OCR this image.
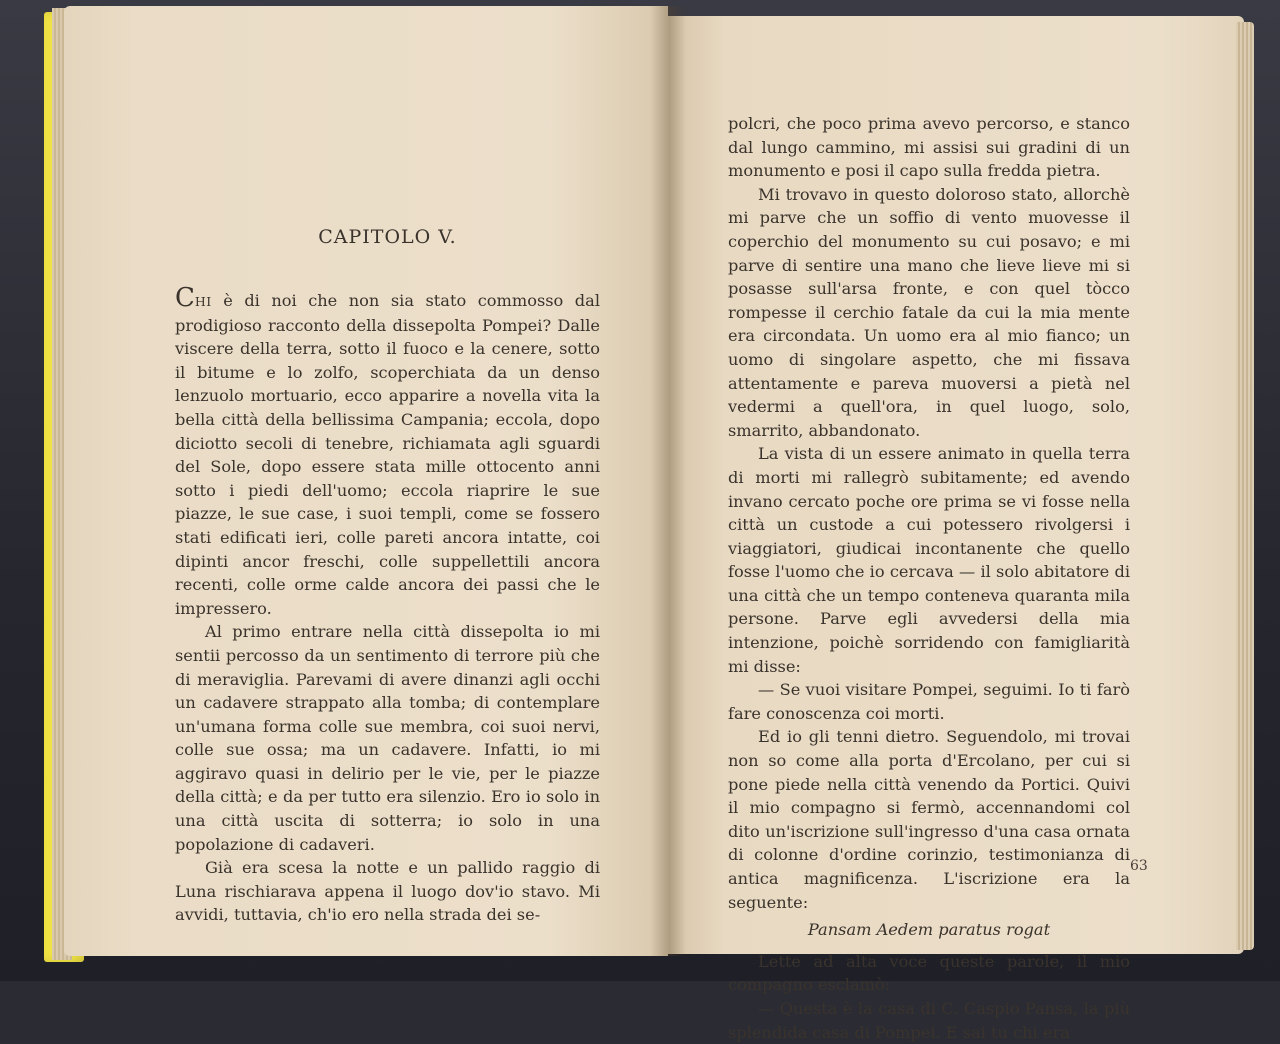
CAPITOLO V.

CHI è di noi che non sia stato commosso dal prodigioso racconto della dissepolta Pompei? Dalle viscere della terra, sotto il fuoco e la cenere, sotto il bitume e lo zolfo, scoperchiata da un denso lenzuolo mortuario, ecco apparire a novella vita la bella città della bellissima Campania; eccola, dopo diciotto secoli di tenebre, richiamata agli sguardi del Sole, dopo essere stata mille ottocento anni sotto i piedi dell'uomo; eccola riaprire le sue piazze, le sue case, i suoi templi, come se fossero stati edificati ieri, colle pareti ancora intatte, coi dipinti ancor freschi, colle suppellettili ancora recenti, colle orme calde ancora dei passi che le impressero.

Al primo entrare nella città dissepolta io mi sentii percosso da un sentimento di terrore più che di meraviglia. Parevami di avere dinanzi agli occhi un cadavere strappato alla tomba; di contemplare un'umana forma colle sue membra, coi suoi nervi, colle sue ossa; ma un cadavere. Infatti, io mi aggiravo quasi in delirio per le vie, per le piazze della città; e da per tutto era silenzio. Ero io solo in una città uscita di sotterra; io solo in una popolazione di cadaveri.

Già era scesa la notte e un pallido raggio di Luna rischiarava appena il luogo dov'io stavo. Mi avvidi, tuttavia, ch'io ero nella strada dei se-

polcri, che poco prima avevo percorso, e stanco dal lungo cammino, mi assisi sui gradini di un monumento e posi il capo sulla fredda pietra.

Mi trovavo in questo doloroso stato, allorchè mi parve che un soffio di vento muovesse il coperchio del monumento su cui posavo; e mi parve di sentire una mano che lieve lieve mi si posasse sull'arsa fronte, e con quel tòcco rompesse il cerchio fatale da cui la mia mente era circondata. Un uomo era al mio fianco; un uomo di singolare aspetto, che mi fissava attentamente e pareva muoversi a pietà nel vedermi a quell'ora, in quel luogo, solo, smarrito, abbandonato.

La vista di un essere animato in quella terra di morti mi rallegrò subitamente; ed avendo invano cercato poche ore prima se vi fosse nella città un custode a cui potessero rivolgersi i viaggiatori, giudicai incontanente che quello fosse l'uomo che io cercava — il solo abitatore di una città che un tempo conteneva quaranta mila persone. Parve egli avvedersi della mia intenzione, poichè sorridendo con famigliarità mi disse:

— Se vuoi visitare Pompei, seguimi. Io ti farò fare conoscenza coi morti.

Ed io gli tenni dietro. Seguendolo, mi trovai non so come alla porta d'Ercolano, per cui si pone piede nella città venendo da Portici. Quivi il mio compagno si fermò, accennandomi col dito un'iscrizione sull'ingresso d'una casa ornata di colonne d'ordine corinzio, testimonianza di antica magnificenza. L'iscrizione era la seguente:

Pansam Aedem paratus rogat

Lette ad alta voce queste parole, il mio compagno esclamò:

— Questa è la casa di C. Caspio Pansa, la più splendida casa di Pompei. E sai tu chi era

63
